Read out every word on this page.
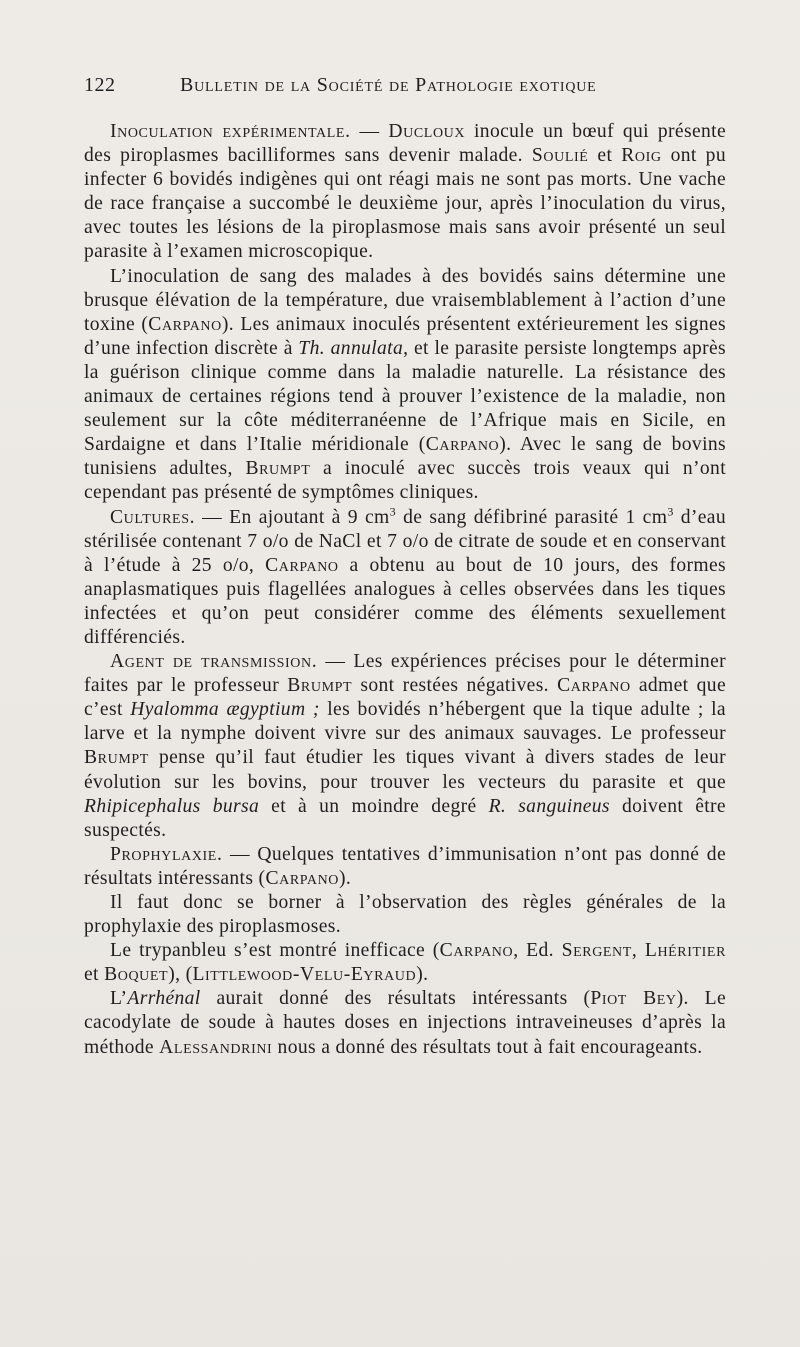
122	Bulletin de la Société de Pathologie exotique

Inoculation expérimentale. — Ducloux inocule un bœuf qui présente des piroplasmes bacilliformes sans devenir malade. Soulié et Roig ont pu infecter 6 bovidés indigènes qui ont réagi mais ne sont pas morts. Une vache de race française a succombé le deuxième jour, après l’inoculation du virus, avec toutes les lésions de la piroplasmose mais sans avoir présenté un seul parasite à l’examen microscopique.

L’inoculation de sang des malades à des bovidés sains détermine une brusque élévation de la température, due vraisemblablement à l’action d’une toxine (Carpano). Les animaux inoculés présentent extérieurement les signes d’une infection discrète à Th. annulata, et le parasite persiste longtemps après la guérison clinique comme dans la maladie naturelle. La résistance des animaux de certaines régions tend à prouver l’existence de la maladie, non seulement sur la côte méditerranéenne de l’Afrique mais en Sicile, en Sardaigne et dans l’Italie méridionale (Carpano). Avec le sang de bovins tunisiens adultes, Brumpt a inoculé avec succès trois veaux qui n’ont cependant pas présenté de symptômes cliniques.

Cultures. — En ajoutant à 9 $cm^3$ de sang défibriné parasité 1 $cm^3$ d’eau stérilisée contenant 7 o/o de NaCl et 7 o/o de citrate de soude et en conservant à l’étude à 25 o/o, Carpano a obtenu au bout de 10 jours, des formes anaplasmatiques puis flagellées analogues à celles observées dans les tiques infectées et qu’on peut considérer comme des éléments sexuellement différenciés.

Agent de transmission. — Les expériences précises pour le déterminer faites par le professeur Brumpt sont restées négatives. Carpano admet que c’est Hyalomma ægyptium ; les bovidés n’hébergent que la tique adulte ; la larve et la nymphe doivent vivre sur des animaux sauvages. Le professeur Brumpt pense qu’il faut étudier les tiques vivant à divers stades de leur évolution sur les bovins, pour trouver les vecteurs du parasite et que Rhipicephalus bursa et à un moindre degré R. sanguineus doivent être suspectés.

Prophylaxie. — Quelques tentatives d’immunisation n’ont pas donné de résultats intéressants (Carpano).

Il faut donc se borner à l’observation des règles générales de la prophylaxie des piroplasmoses.

Le trypanbleu s’est montré inefficace (Carpano, Ed. Sergent, Lhéritier et Boquet), (Littlewood-Velu-Eyraud).

L’Arrhénal aurait donné des résultats intéressants (Piot Bey). Le cacodylate de soude à hautes doses en injections intraveineuses d’après la méthode Alessandrini nous a donné des résultats tout à fait encourageants.
